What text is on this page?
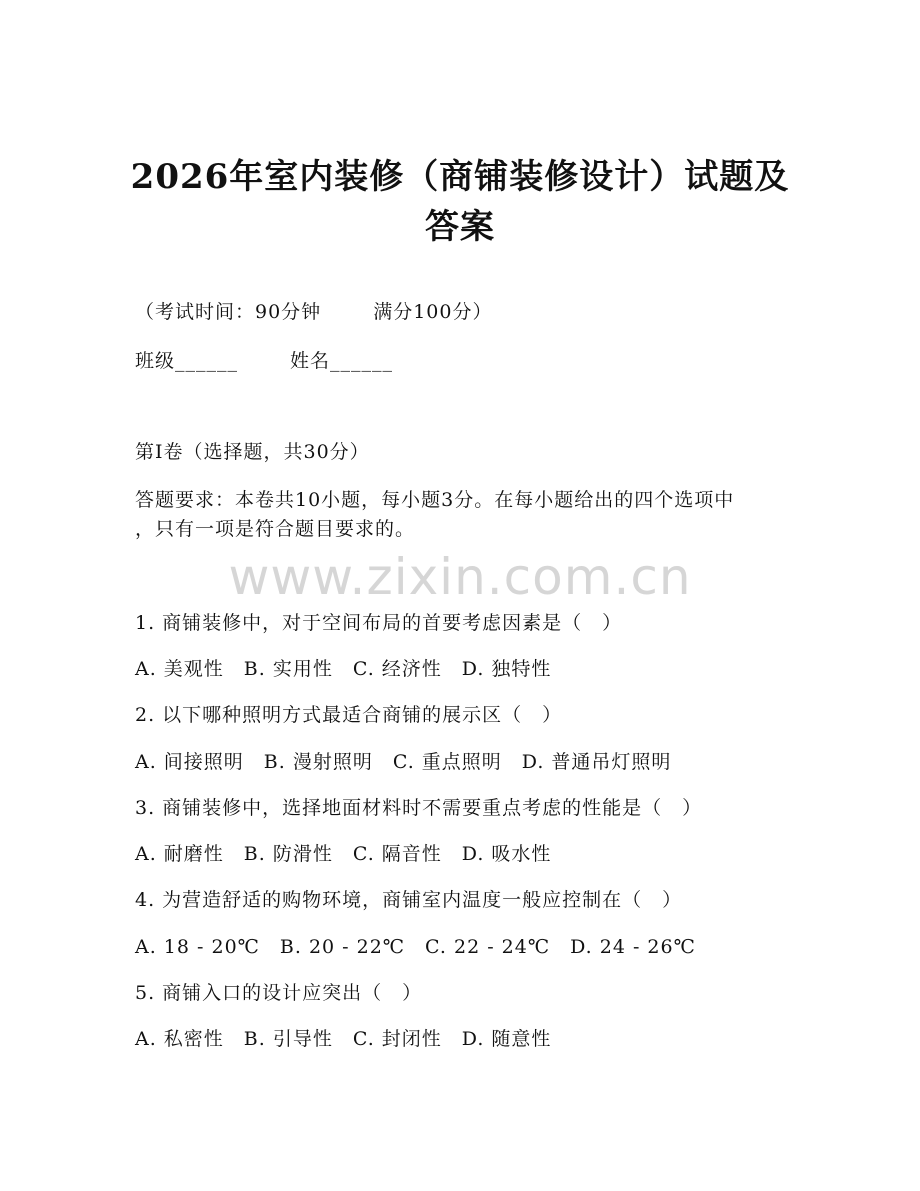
2026年室内装修（商铺装修设计）试题及答案
（考试时间：90分钟	满分100分）
班级______	姓名______
第Ⅰ卷（选择题，共30分）
答题要求：本卷共10小题，每小题3分。在每小题给出的四个选项中
，只有一项是符合题目要求的。
www.zixin.com.cn
1. 商铺装修中，对于空间布局的首要考虑因素是（　）
A. 美观性　B. 实用性　C. 经济性　D. 独特性
2. 以下哪种照明方式最适合商铺的展示区（　）
A. 间接照明　B. 漫射照明　C. 重点照明　D. 普通吊灯照明
3. 商铺装修中，选择地面材料时不需要重点考虑的性能是（　）
A. 耐磨性　B. 防滑性　C. 隔音性　D. 吸水性
4. 为营造舒适的购物环境，商铺室内温度一般应控制在（　）
A. 18 - 20℃　B. 20 - 22℃　C. 22 - 24℃　D. 24 - 26℃
5. 商铺入口的设计应突出（　）
A. 私密性　B. 引导性　C. 封闭性　D. 随意性
